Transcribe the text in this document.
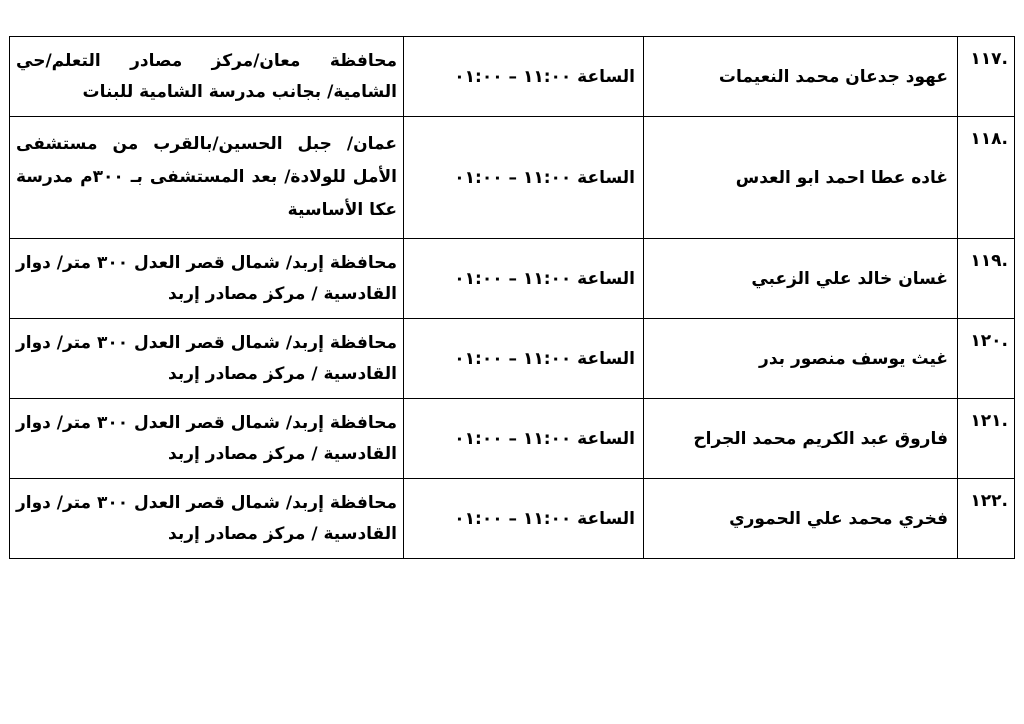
.١١٧	عهود جدعان محمد النعيمات	الساعة ١١:٠٠ – ٠١:٠٠	محافظة معان/مركز مصادر التعلم/حي الشامية/ بجانب مدرسة الشامية للبنات
.١١٨	غاده عطا احمد ابو العدس	الساعة ١١:٠٠ – ٠١:٠٠	عمان/ جبل الحسين/بالقرب من مستشفى الأمل للولادة/ بعد المستشفى بـ ٣٠٠م مدرسة عكا الأساسية
.١١٩	غسان خالد علي الزعبي	الساعة ١١:٠٠ – ٠١:٠٠	محافظة إربد/ شمال قصر العدل ٣٠٠ متر/ دوار القادسية / مركز مصادر إربد
.١٢٠	غيث يوسف منصور بدر	الساعة ١١:٠٠ – ٠١:٠٠	محافظة إربد/ شمال قصر العدل ٣٠٠ متر/ دوار القادسية / مركز مصادر إربد
.١٢١	فاروق عبد الكريم محمد الجراح	الساعة ١١:٠٠ – ٠١:٠٠	محافظة إربد/ شمال قصر العدل ٣٠٠ متر/ دوار القادسية / مركز مصادر إربد
.١٢٢	فخري محمد علي الحموري	الساعة ١١:٠٠ – ٠١:٠٠	محافظة إربد/ شمال قصر العدل ٣٠٠ متر/ دوار القادسية / مركز مصادر إربد
